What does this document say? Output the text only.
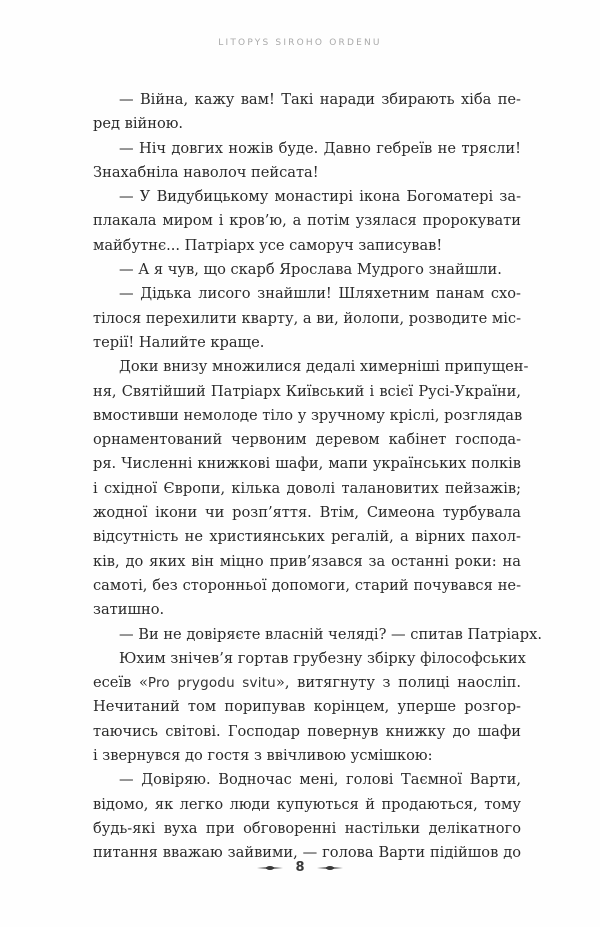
LITOPYS SIROHO ORDENU
— Війна, кажу вам! Такі наради збирають хіба пе-
ред війною.
— Ніч довгих ножів буде. Давно гебреїв не трясли!
Знахабніла наволоч пейсата!
— У Видубицькому монастирі ікона Богоматері за-
плакала миром і кров’ю, а потім узялася пророкувати
майбутнє... Патріарх усе саморуч записував!
— А я чув, що скарб Ярослава Мудрого знайшли.
— Дідька лисого знайшли! Шляхетним панам схо-
тілося перехилити кварту, а ви, йолопи, розводите міс-
терії! Налийте краще.
Доки внизу множилися дедалі химерніші припущен-
ня, Святійший Патріарх Київський і всієї Русі-України,
вмостивши немолоде тіло у зручному кріслі, розглядав
орнаментований червоним деревом кабінет господа-
ря. Численні книжкові шафи, мапи українських полків
і східної Європи, кілька доволі талановитих пейзажів;
жодної ікони чи розп’яття. Втім, Симеона турбувала
відсутність не християнських регалій, а вірних пахол-
ків, до яких він міцно прив’язався за останні роки: на
самоті, без сторонньої допомоги, старий почувався не-
затишно.
— Ви не довіряєте власній челяді? — спитав Патріарх.
Юхим знічев’я гортав грубезну збірку філософських
есеїв «Pro prygodu svitu», витягнуту з полиці наосліп.
Нечитаний том порипував корінцем, уперше розгор-
таючись світові. Господар повернув книжку до шафи
і звернувся до гостя з ввічливою усмішкою:
— Довіряю. Водночас мені, голові Таємної Варти,
відомо, як легко люди купуються й продаються, тому
будь-які вуха при обговоренні настільки делікатного
питання вважаю зайвими, — голова Варти підійшов до
8
